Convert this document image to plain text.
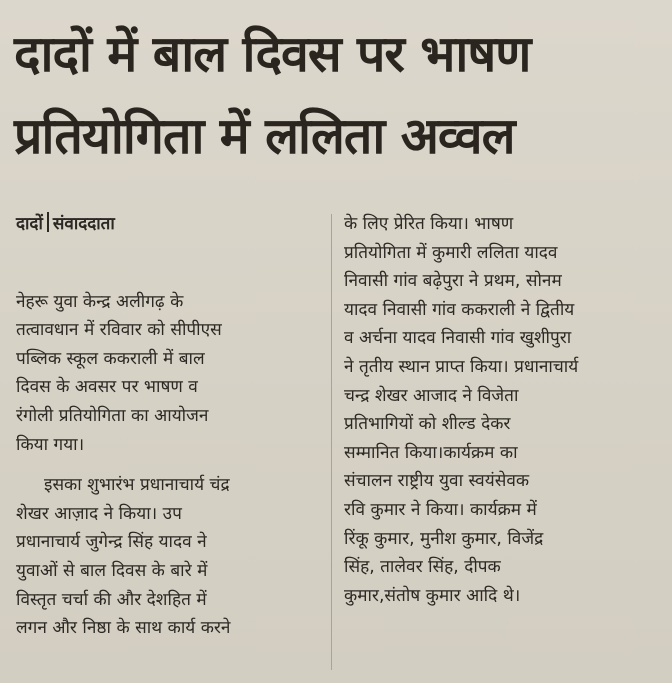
दादों में बाल दिवस पर भाषण
प्रतियोगिता में ललिता अव्वल
दादों संवाददाता
नेहरू युवा केन्द्र अलीगढ़ के
तत्वावधान में रविवार को सीपीएस
पब्लिक स्कूल ककराली में बाल
दिवस के अवसर पर भाषण व
रंगोली प्रतियोगिता का आयोजन
किया गया।
इसका शुभारंभ प्रधानाचार्य चंद्र
शेखर आज़ाद ने किया। उप
प्रधानाचार्य जुगेन्द्र सिंह यादव ने
युवाओं से बाल दिवस के बारे में
विस्तृत चर्चा की और देशहित में
लगन और निष्ठा के साथ कार्य करने
के लिए प्रेरित किया। भाषण
प्रतियोगिता में कुमारी ललिता यादव
निवासी गांव बढ़ेपुरा ने प्रथम, सोनम
यादव निवासी गांव ककराली ने द्वितीय
व अर्चना यादव निवासी गांव खुशीपुरा
ने तृतीय स्थान प्राप्त किया। प्रधानाचार्य
चन्द्र शेखर आजाद ने विजेता
प्रतिभागियों को शील्ड देकर
सम्मानित किया।कार्यक्रम का
संचालन राष्ट्रीय युवा स्वयंसेवक
रवि कुमार ने किया। कार्यक्रम में
रिंकू कुमार, मुनीश कुमार, विजेंद्र
सिंह, तालेवर सिंह, दीपक
कुमार,संतोष कुमार आदि थे।
